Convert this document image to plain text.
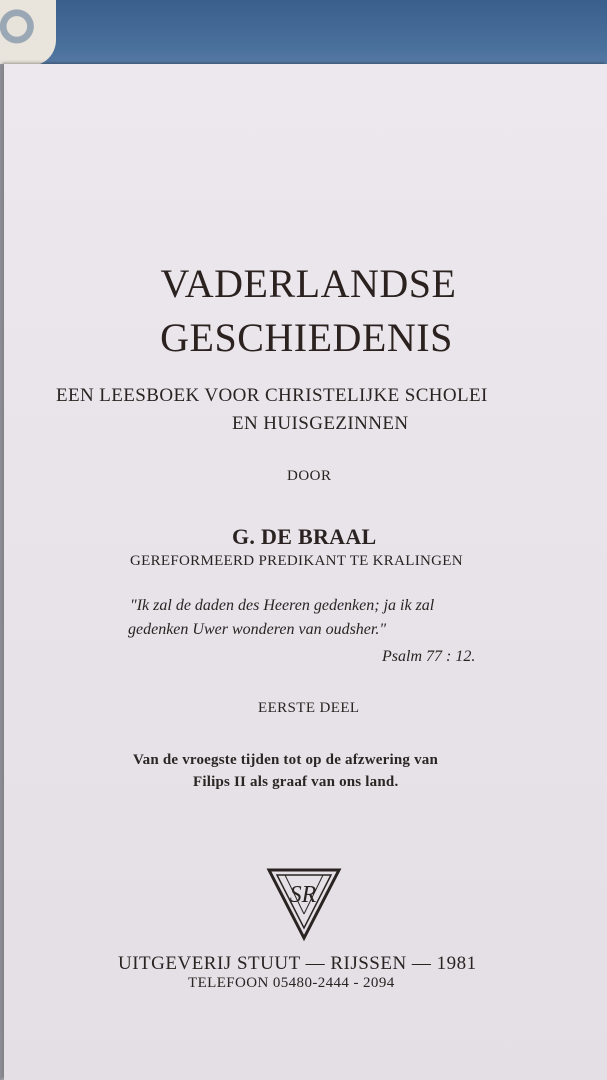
VADERLANDSE
GESCHIEDENIS
EEN LEESBOEK VOOR CHRISTELIJKE SCHOLEI
EN HUISGEZINNEN
DOOR
G. DE BRAAL
GEREFORMEERD PREDIKANT TE KRALINGEN
"Ik zal de daden des Heeren gedenken; ja ik zal
gedenken Uwer wonderen van oudsher."
Psalm 77 : 12.
EERSTE DEEL
Van de vroegste tijden tot op de afzwering van
Filips II als graaf van ons land.
SR
UITGEVERIJ STUUT — RIJSSEN — 1981
TELEFOON 05480-2444 - 2094
